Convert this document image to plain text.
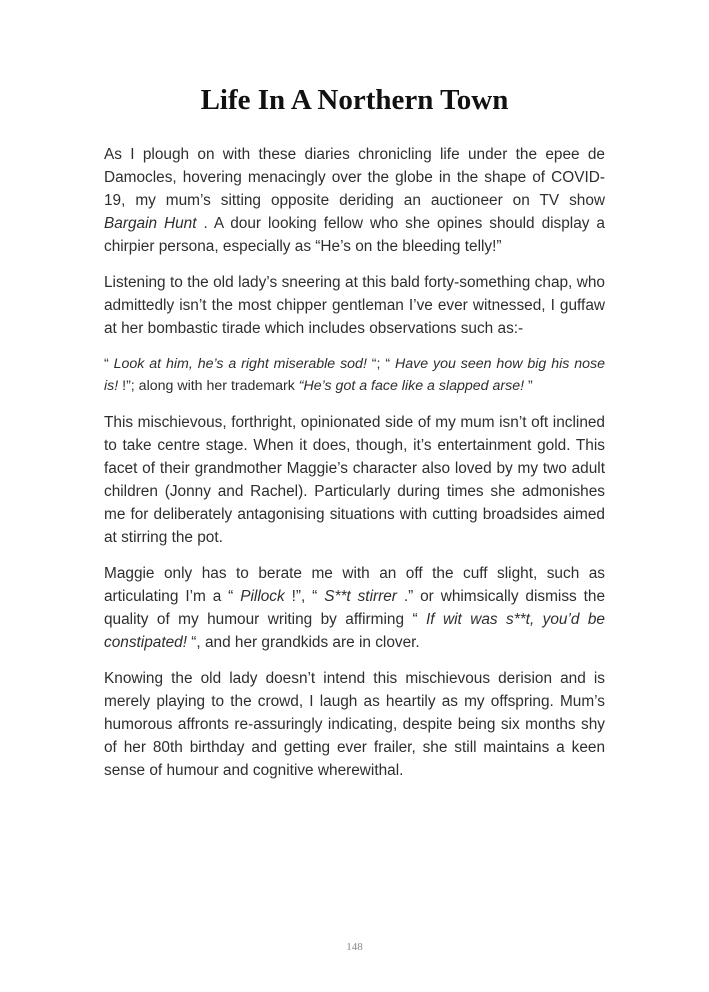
Life In A Northern Town

As I plough on with these diaries chronicling life under the epee de Damocles, hovering menacingly over the globe in the shape of COVID-19, my mum’s sitting opposite deriding an auctioneer on TV show Bargain Hunt . A dour looking fellow who she opines should display a chirpier persona, especially as “He’s on the bleeding telly!”

Listening to the old lady’s sneering at this bald forty-something chap, who admittedly isn’t the most chipper gentleman I’ve ever witnessed, I guffaw at her bombastic tirade which includes observations such as:-

“ Look at him, he’s a right miserable sod! “; “ Have you seen how big his nose is! !”; along with her trademark “He’s got a face like a slapped arse! ”

This mischievous, forthright, opinionated side of my mum isn’t oft inclined to take centre stage. When it does, though, it’s entertainment gold. This facet of their grandmother Maggie’s character also loved by my two adult children (Jonny and Rachel). Particularly during times she admonishes me for deliberately antagonising situations with cutting broadsides aimed at stirring the pot.

Maggie only has to berate me with an off the cuff slight, such as articulating I’m a “ Pillock !”, “ S**t stirrer .” or whimsically dismiss the quality of my humour writing by affirming “ If wit was s**t, you’d be constipated! “, and her grandkids are in clover.

Knowing the old lady doesn’t intend this mischievous derision and is merely playing to the crowd, I laugh as heartily as my offspring. Mum’s humorous affronts re-assuringly indicating, despite being six months shy of her 80th birthday and getting ever frailer, she still maintains a keen sense of humour and cognitive wherewithal.

148
